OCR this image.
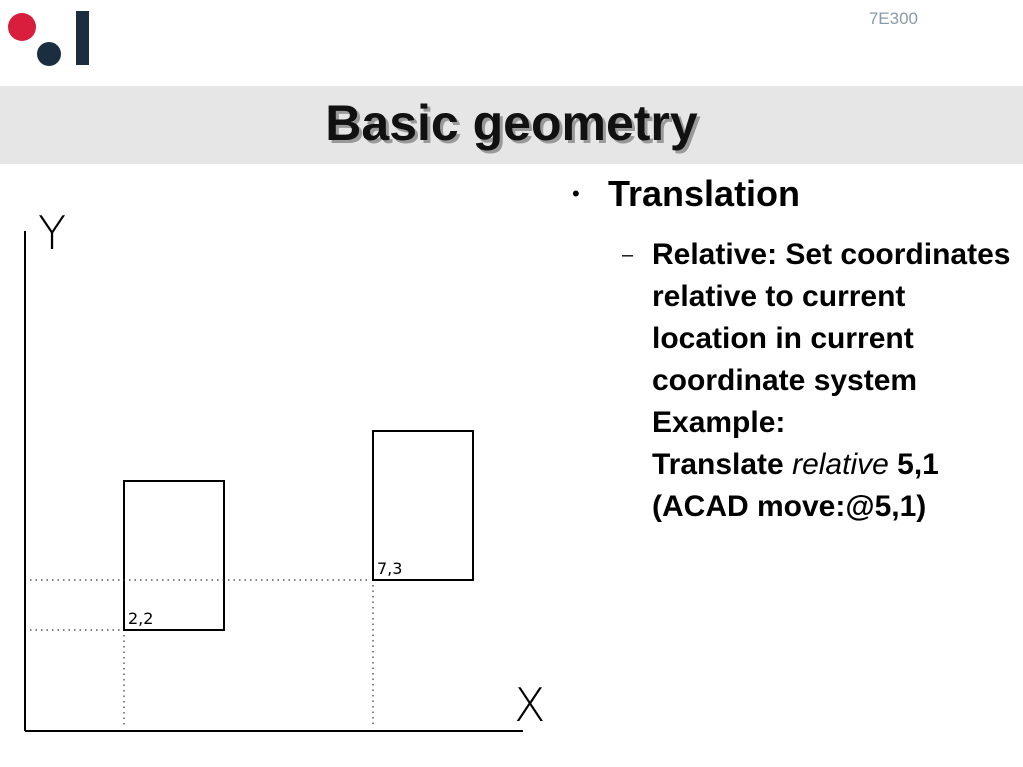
7E300
Basic geometry
Y
X
2,2
7,3
• Translation
– Relative: Set coordinates relative to current location in current coordinate system
Example:
Translate relative 5,1
(ACAD move:@5,1)
